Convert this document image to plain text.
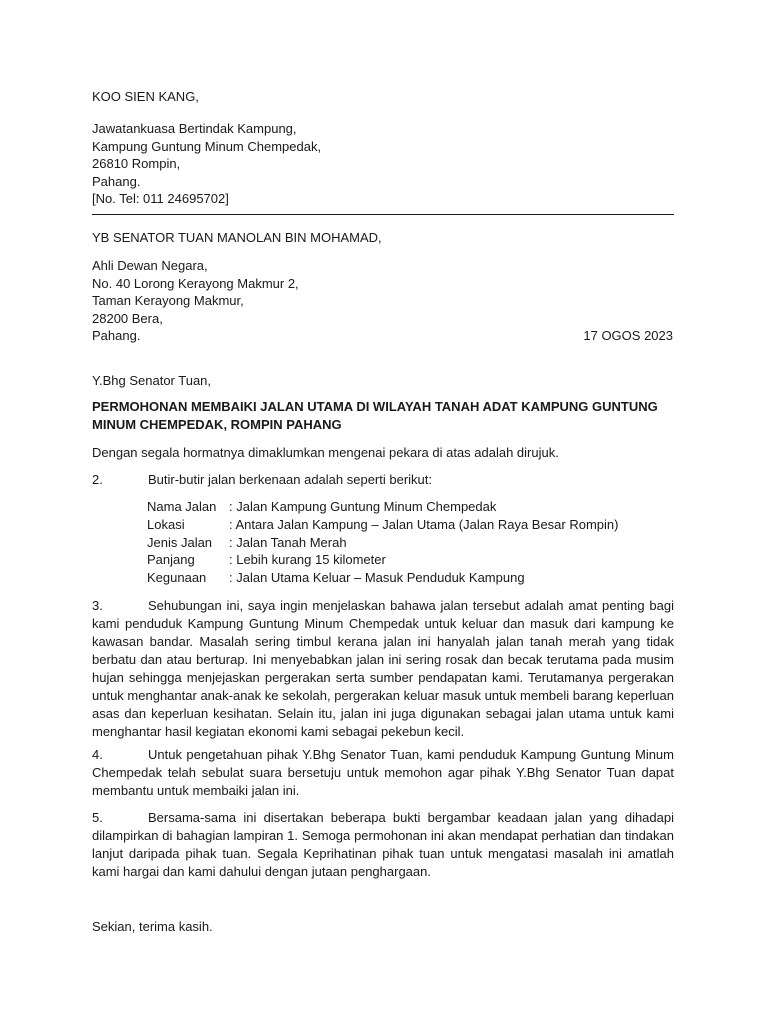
KOO SIEN KANG,
Jawatankuasa Bertindak Kampung,
Kampung Guntung Minum Chempedak,
26810 Rompin,
Pahang.
[No. Tel: 011 24695702]
YB SENATOR TUAN MANOLAN BIN MOHAMAD,
Ahli Dewan Negara,
No. 40 Lorong Kerayong Makmur 2,
Taman Kerayong Makmur,
28200 Bera,
Pahang.	17 OGOS 2023
Y.Bhg Senator Tuan,
PERMOHONAN MEMBAIKI JALAN UTAMA DI WILAYAH TANAH ADAT KAMPUNG GUNTUNG MINUM CHEMPEDAK, ROMPIN PAHANG
Dengan segala hormatnya dimaklumkan mengenai pekara di atas adalah dirujuk.
2.	Butir-butir jalan berkenaan adalah seperti berikut:
Nama Jalan : Jalan Kampung Guntung Minum Chempedak
Lokasi	: Antara Jalan Kampung – Jalan Utama (Jalan Raya Besar Rompin)
Jenis Jalan	: Jalan Tanah Merah
Panjang	: Lebih kurang 15 kilometer
Kegunaan	: Jalan Utama Keluar – Masuk Penduduk Kampung
3.	Sehubungan ini, saya ingin menjelaskan bahawa jalan tersebut adalah amat penting bagi kami penduduk Kampung Guntung Minum Chempedak untuk keluar dan masuk dari kampung ke kawasan bandar. Masalah sering timbul kerana jalan ini hanyalah jalan tanah merah yang tidak berbatu dan atau berturap. Ini menyebabkan jalan ini sering rosak dan becak terutama pada musim hujan sehingga menjejaskan pergerakan serta sumber pendapatan kami. Terutamanya pergerakan untuk menghantar anak-anak ke sekolah, pergerakan keluar masuk untuk membeli barang keperluan asas dan keperluan kesihatan. Selain itu, jalan ini juga digunakan sebagai jalan utama untuk kami menghantar hasil kegiatan ekonomi kami sebagai pekebun kecil.
4.	Untuk pengetahuan pihak Y.Bhg Senator Tuan, kami penduduk Kampung Guntung Minum Chempedak telah sebulat suara bersetuju untuk memohon agar pihak Y.Bhg Senator Tuan dapat membantu untuk membaiki jalan ini.
5.	Bersama-sama ini disertakan beberapa bukti bergambar keadaan jalan yang dihadapi dilampirkan di bahagian lampiran 1. Semoga permohonan ini akan mendapat perhatian dan tindakan lanjut daripada pihak tuan. Segala Keprihatinan pihak tuan untuk mengatasi masalah ini amatlah kami hargai dan kami dahului dengan jutaan penghargaan.
Sekian, terima kasih.
